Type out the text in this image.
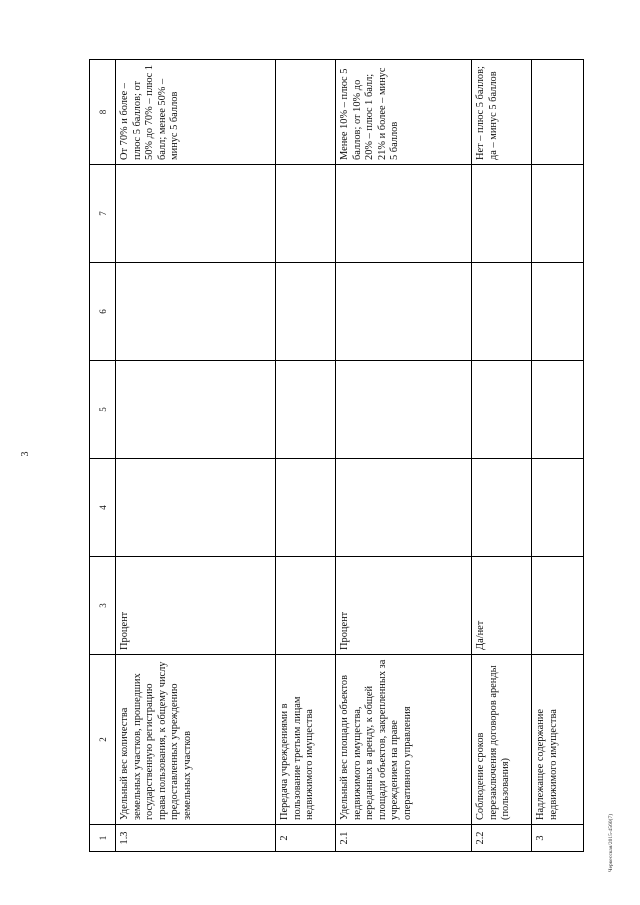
3
Черкесская/2015-4560(7)
1	2	3	4	5	6	7	8
1.3	Удельный вес количества земельных участков, прошедших государственную регистрацию права пользования, к общему числу предоставленных учреждению земельных участков	Процент					От 70% и более – плюс 5 баллов; от 50% до 70% – плюс 1 балл; менее 50% – минус 5 баллов
2	Передача учреждениями в пользование третьим лицам недвижимого имущества						
2.1	Удельный вес площади объектов недвижимого имущества, переданных в аренду, к общей площади объектов, закрепленных за учреждением на праве оперативного управления	Процент					Менее 10% – плюс 5 баллов; от 10% до 20% – плюс 1 балл; 21% и более – минус 5 баллов
2.2	Соблюдение сроков перезаключения договоров аренды (пользования)	Да/нет					Нет – плюс 5 баллов; да – минус 5 баллов
3	Надлежащее содержание недвижимого имущества						
